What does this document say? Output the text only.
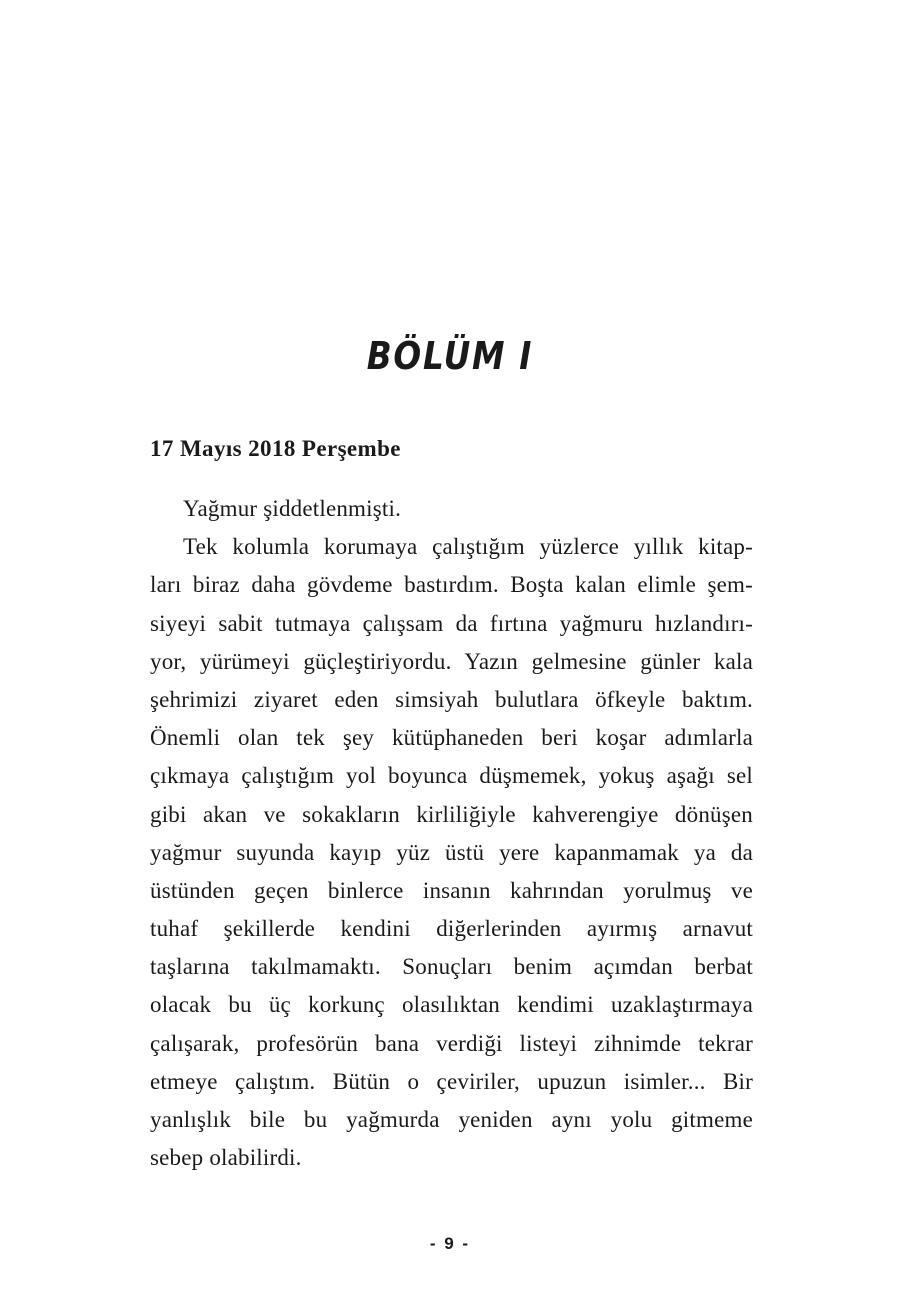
BÖLÜM I
17 Mayıs 2018 Perşembe
Yağmur şiddetlenmişti.
Tek kolumla korumaya çalıştığım yüzlerce yıllık kitap-
ları biraz daha gövdeme bastırdım. Boşta kalan elimle şem-
siyeyi sabit tutmaya çalışsam da fırtına yağmuru hızlandırı-
yor, yürümeyi güçleştiriyordu. Yazın gelmesine günler kala
şehrimizi ziyaret eden simsiyah bulutlara öfkeyle baktım.
Önemli olan tek şey kütüphaneden beri koşar adımlarla
çıkmaya çalıştığım yol boyunca düşmemek, yokuş aşağı sel
gibi akan ve sokakların kirliliğiyle kahverengiye dönüşen
yağmur suyunda kayıp yüz üstü yere kapanmamak ya da
üstünden geçen binlerce insanın kahrından yorulmuş ve
tuhaf şekillerde kendini diğerlerinden ayırmış arnavut
taşlarına takılmamaktı. Sonuçları benim açımdan berbat
olacak bu üç korkunç olasılıktan kendimi uzaklaştırmaya
çalışarak, profesörün bana verdiği listeyi zihnimde tekrar
etmeye çalıştım. Bütün o çeviriler, upuzun isimler... Bir
yanlışlık bile bu yağmurda yeniden aynı yolu gitmeme
sebep olabilirdi.
- 9 -
